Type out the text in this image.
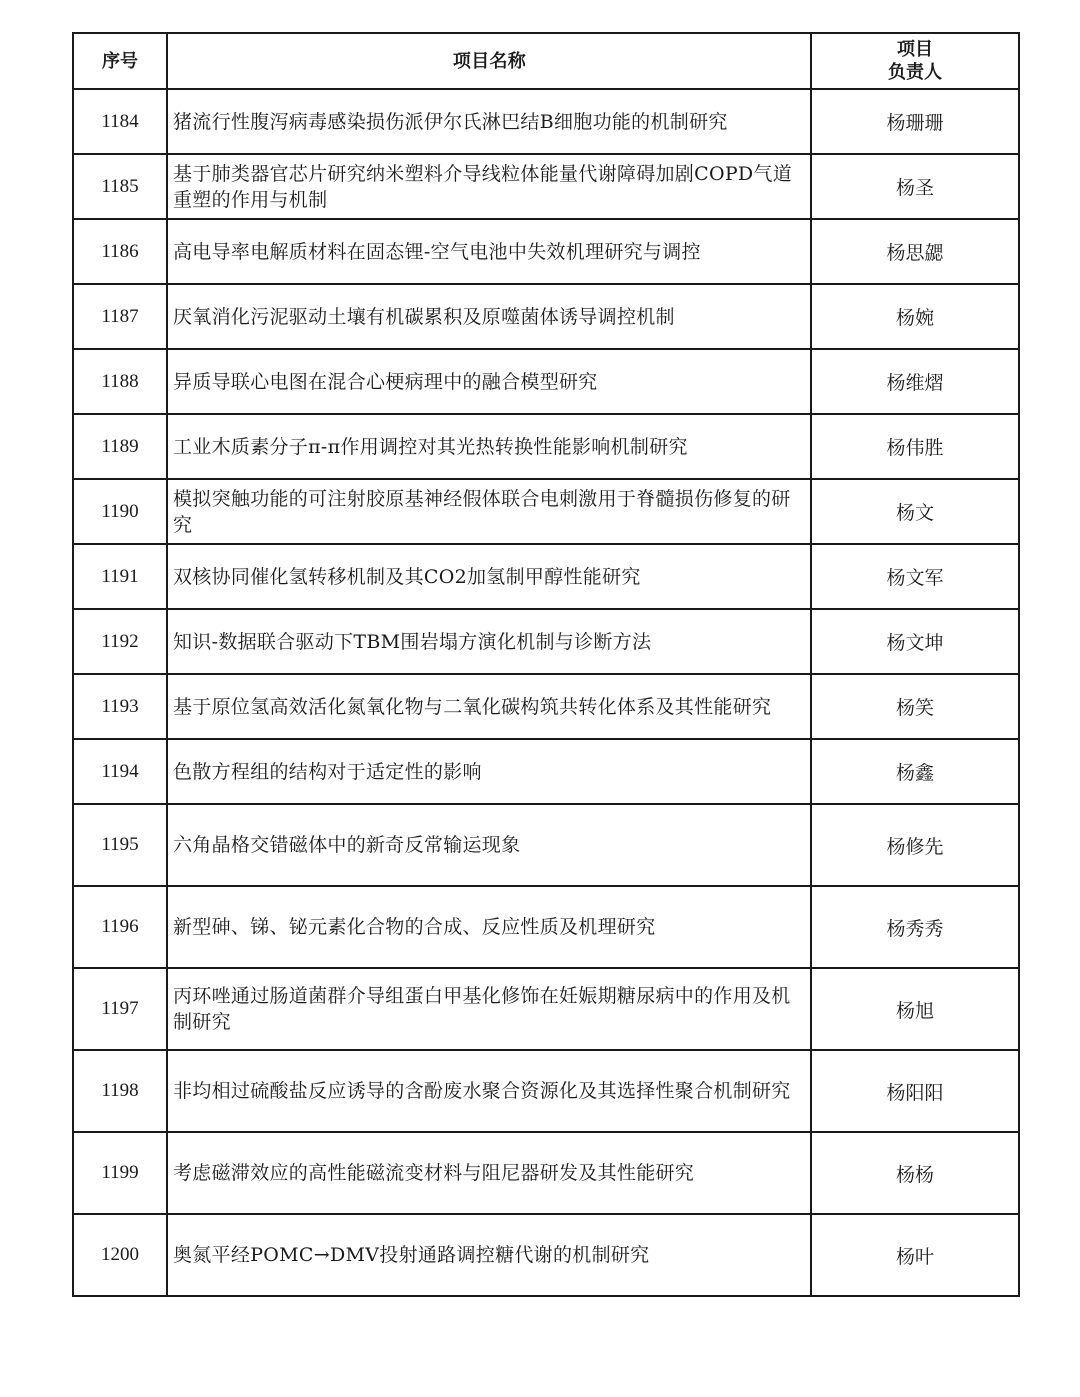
序号	项目名称	项目
负责人

1184	猪流行性腹泻病毒感染损伤派伊尔氏淋巴结B细胞功能的机制研究	杨珊珊
1185	基于肺类器官芯片研究纳米塑料介导线粒体能量代谢障碍加剧COPD气道重塑的作用与机制	杨圣
1186	高电导率电解质材料在固态锂-空气电池中失效机理研究与调控	杨思勰
1187	厌氧消化污泥驱动土壤有机碳累积及原噬菌体诱导调控机制	杨婉
1188	异质导联心电图在混合心梗病理中的融合模型研究	杨维熠
1189	工业木质素分子π-π作用调控对其光热转换性能影响机制研究	杨伟胜
1190	模拟突触功能的可注射胶原基神经假体联合电刺激用于脊髓损伤修复的研究	杨文
1191	双核协同催化氢转移机制及其CO2加氢制甲醇性能研究	杨文军
1192	知识-数据联合驱动下TBM围岩塌方演化机制与诊断方法	杨文坤
1193	基于原位氢高效活化氮氧化物与二氧化碳构筑共转化体系及其性能研究	杨笑
1194	色散方程组的结构对于适定性的影响	杨鑫
1195	六角晶格交错磁体中的新奇反常输运现象	杨修先
1196	新型砷、锑、铋元素化合物的合成、反应性质及机理研究	杨秀秀
1197	丙环唑通过肠道菌群介导组蛋白甲基化修饰在妊娠期糖尿病中的作用及机制研究	杨旭
1198	非均相过硫酸盐反应诱导的含酚废水聚合资源化及其选择性聚合机制研究	杨阳阳
1199	考虑磁滞效应的高性能磁流变材料与阻尼器研发及其性能研究	杨杨
1200	奥氮平经POMC→DMV投射通路调控糖代谢的机制研究	杨叶
